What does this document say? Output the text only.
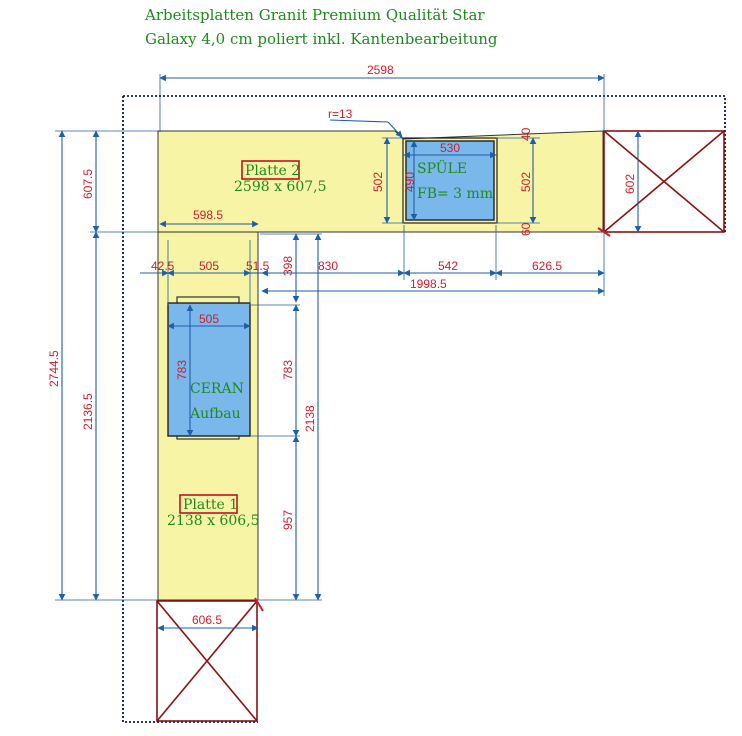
Arbeitsplatten Granit Premium Qualität Star
Galaxy 4,0 cm poliert inkl. Kantenbearbeitung
SPÜLE
FB= 3 mm
CERAN
Aufbau
Platte 2
2598 x 607,5
Platte 1
2138 x 606,5
2598
r=13
530
502 490	502
40
60
602
2744.5
607.5
2136.5
598.5
42.5 505 51.5	830	542	626.5
1998.5
398
505
783	783
957
2138
606.5
